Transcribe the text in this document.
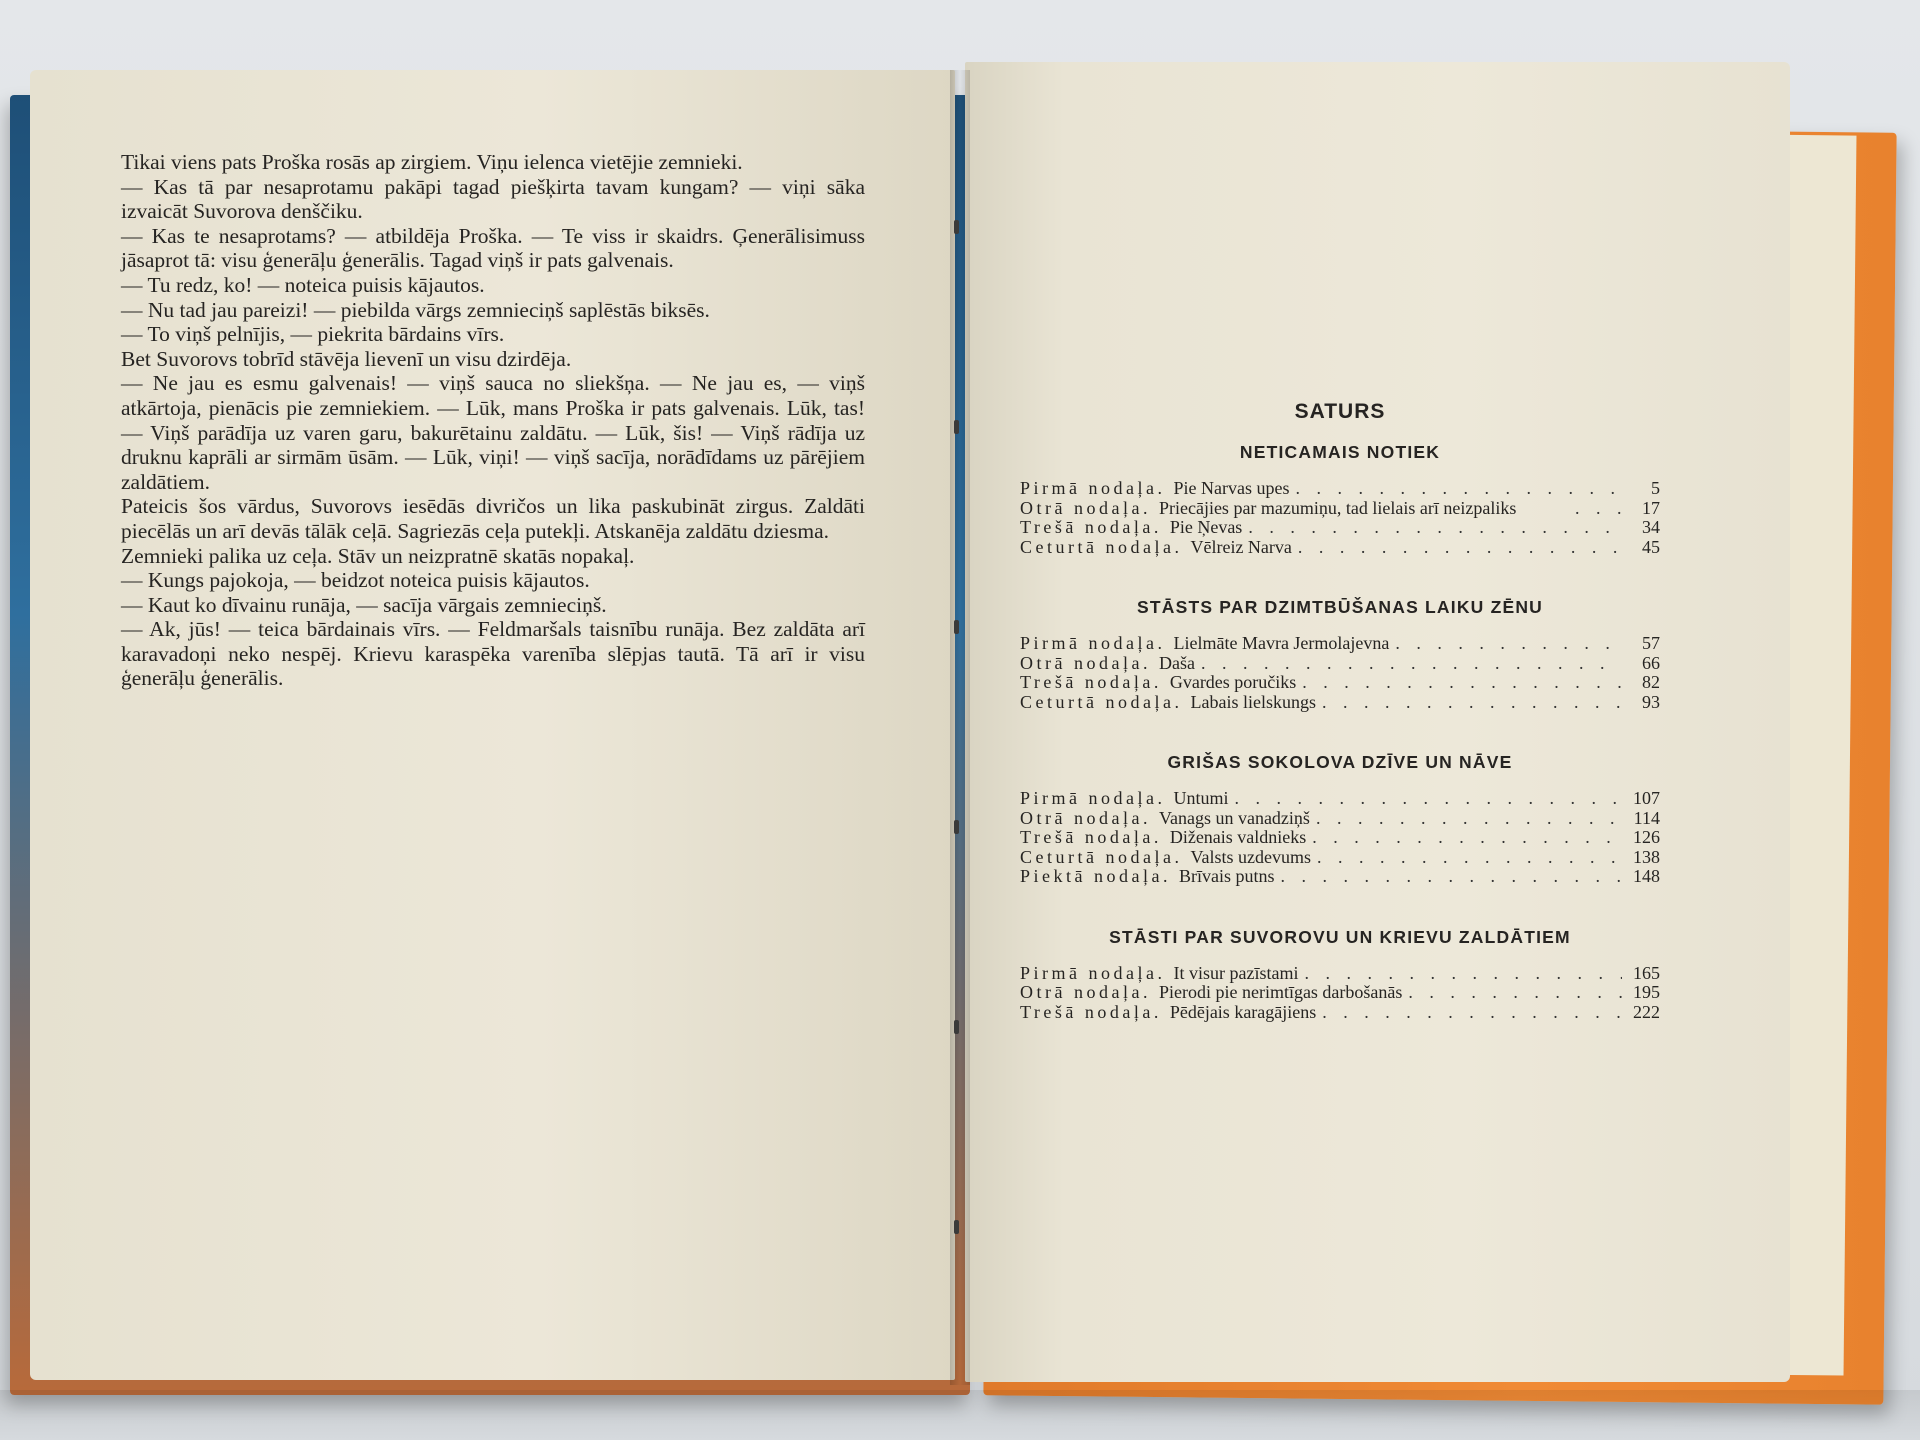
Tikai viens pats Proška rosās ap zirgiem. Viņu ielenca vietējie zemnieki.

— Kas tā par nesaprotamu pakāpi tagad piešķirta tavam kungam? — viņi sāka izvaicāt Suvorova denščiku.

— Kas te nesaprotams? — atbildēja Proška. — Te viss ir skaidrs. Ģenerālisimuss jāsaprot tā: visu ģenerāļu ģenerālis. Tagad viņš ir pats galvenais.

— Tu redz, ko! — noteica puisis kājautos.

— Nu tad jau pareizi! — piebilda vārgs zemnieciņš saplēstās biksēs.

— To viņš pelnījis, — piekrita bārdains vīrs.

Bet Suvorovs tobrīd stāvēja lievenī un visu dzirdēja.

— Ne jau es esmu galvenais! — viņš sauca no sliekšņa. — Ne jau es, — viņš atkārtoja, pienācis pie zemniekiem. — Lūk, mans Proška ir pats galvenais. Lūk, tas! — Viņš parādīja uz varen garu, bakurētainu zaldātu. — Lūk, šis! — Viņš rādīja uz druknu kaprāli ar sirmām ūsām. — Lūk, viņi! — viņš sacīja, norādīdams uz pārējiem zaldātiem.

Pateicis šos vārdus, Suvorovs iesēdās divričos un lika paskubināt zirgus. Zaldāti piecēlās un arī devās tālāk ceļā. Sagriezās ceļa putekļi. Atskanēja zaldātu dziesma.

Zemnieki palika uz ceļa. Stāv un neizpratnē skatās nopakaļ.

— Kungs pajokoja, — beidzot noteica puisis kājautos.

— Kaut ko dīvainu runāja, — sacīja vārgais zemnieciņš.

— Ak, jūs! — teica bārdainais vīrs. — Feldmaršals taisnību runāja. Bez zaldāta arī karavadoņi neko nespēj. Krievu karaspēka varenība slēpjas tautā. Tā arī ir visu ģenerāļu ģenerālis.

SATURS
NETICAMAIS NOTIEK
Pirmā nodaļa. Pie Narvas upes . . .	5
Otrā nodaļa. Priecājies par mazumiņu, tad lielais arī neizpaliks . . .	17
Trešā nodaļa. Pie Ņevas . . .	34
Ceturtā nodaļa. Vēlreiz Narva . . .	45
STĀSTS PAR DZIMTBŪŠANAS LAIKU ZĒNU
Pirmā nodaļa. Lielmāte Mavra Jermolajevna . . .	57
Otrā nodaļa. Daša . . .	66
Trešā nodaļa. Gvardes poručiks . . .	82
Ceturtā nodaļa. Labais lielskungs . . .	93
GRIŠAS SOKOLOVA DZĪVE UN NĀVE
Pirmā nodaļa. Untumi . . .	107
Otrā nodaļa. Vanags un vanadziņš . . .	114
Trešā nodaļa. Diženais valdnieks . . .	126
Ceturtā nodaļa. Valsts uzdevums . . .	138
Piektā nodaļa. Brīvais putns . . .	148
STĀSTI PAR SUVOROVU UN KRIEVU ZALDĀTIEM
Pirmā nodaļa. It visur pazīstami . . .	165
Otrā nodaļa. Pierodi pie nerimtīgas darbošanās . . .	195
Trešā nodaļa. Pēdējais karagājiens . . .	222
